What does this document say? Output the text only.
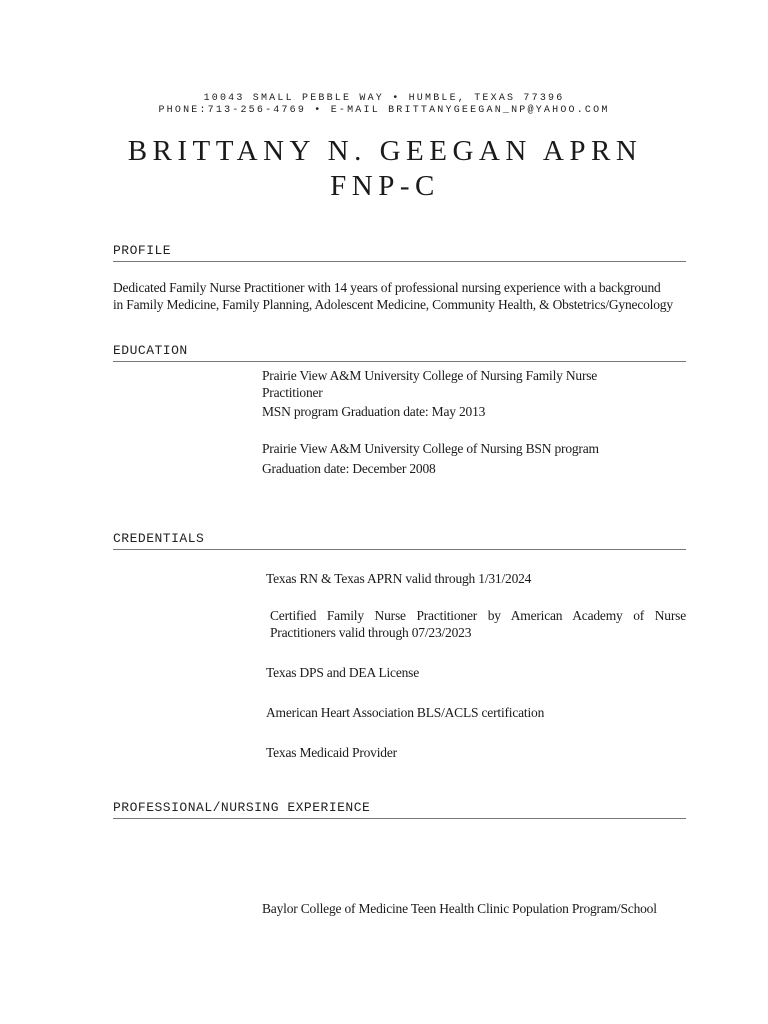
10043 SMALL PEBBLE WAY • HUMBLE, TEXAS 77396
PHONE:713-256-4769 • E-MAIL BRITTANYGEEGAN_NP@YAHOO.COM
BRITTANY N. GEEGAN APRN
FNP-C
PROFILE
Dedicated Family Nurse Practitioner with 14 years of professional nursing experience with a background in Family Medicine, Family Planning, Adolescent Medicine, Community Health, & Obstetrics/Gynecology
EDUCATION
Prairie View A&M University College of Nursing Family Nurse Practitioner
MSN program Graduation date: May 2013
Prairie View A&M University College of Nursing BSN program
Graduation date: December 2008
CREDENTIALS
Texas RN & Texas APRN valid through 1/31/2024
Certified Family Nurse Practitioner by American Academy of Nurse Practitioners valid through 07/23/2023
Texas DPS and DEA License
American Heart Association BLS/ACLS certification
Texas Medicaid Provider
PROFESSIONAL/NURSING EXPERIENCE
Baylor College of Medicine Teen Health Clinic Population Program/School
